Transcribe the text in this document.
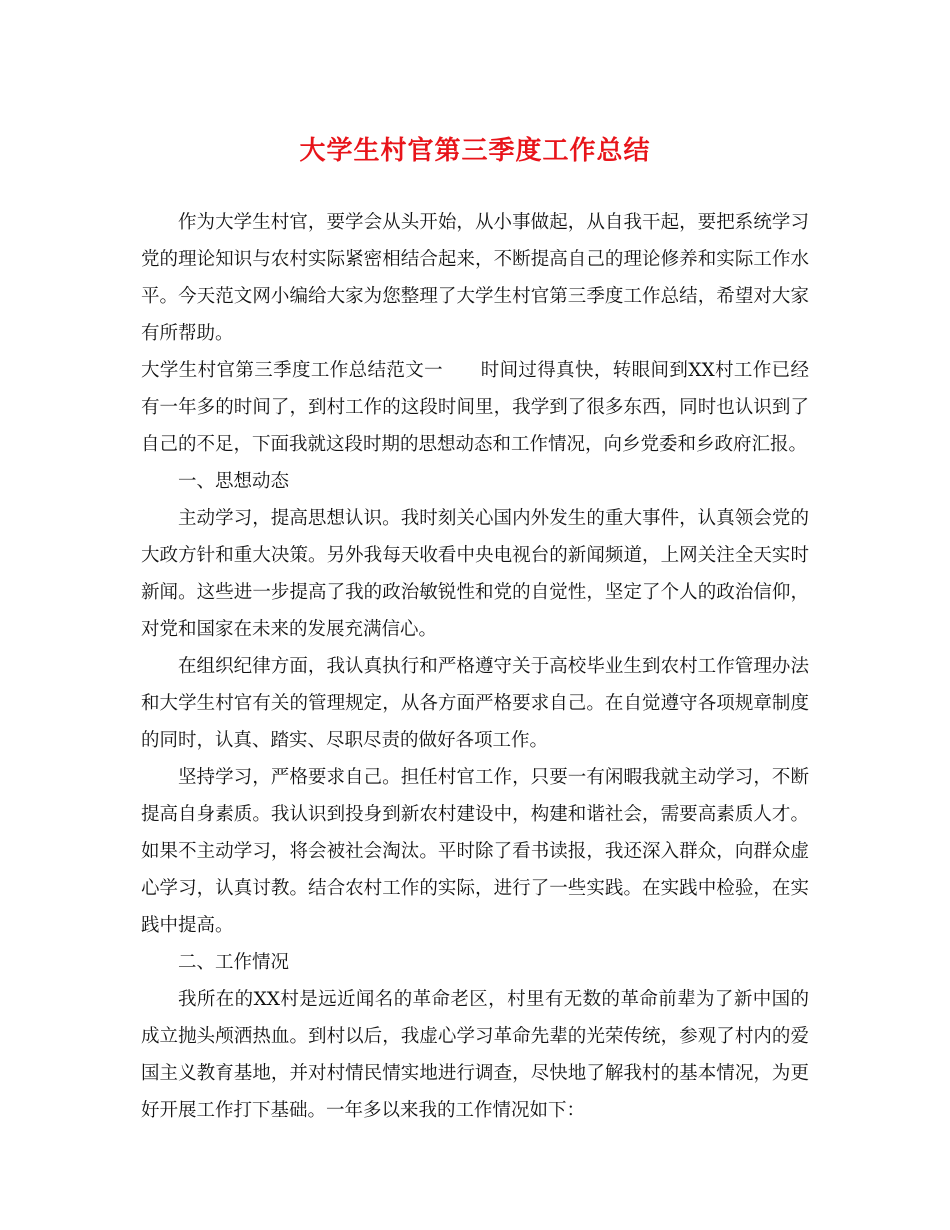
大学生村官第三季度工作总结

作为大学生村官，要学会从头开始，从小事做起，从自我干起，要把系统学习党的理论知识与农村实际紧密相结合起来，不断提高自己的理论修养和实际工作水平。今天范文网小编给大家为您整理了大学生村官第三季度工作总结，希望对大家有所帮助。

大学生村官第三季度工作总结范文一　　时间过得真快，转眼间到XX村工作已经有一年多的时间了，到村工作的这段时间里，我学到了很多东西，同时也认识到了自己的不足，下面我就这段时期的思想动态和工作情况，向乡党委和乡政府汇报。

一、思想动态

主动学习，提高思想认识。我时刻关心国内外发生的重大事件，认真领会党的大政方针和重大决策。另外我每天收看中央电视台的新闻频道，上网关注全天实时新闻。这些进一步提高了我的政治敏锐性和党的自觉性，坚定了个人的政治信仰，对党和国家在未来的发展充满信心。

在组织纪律方面，我认真执行和严格遵守关于高校毕业生到农村工作管理办法和大学生村官有关的管理规定，从各方面严格要求自己。在自觉遵守各项规章制度的同时，认真、踏实、尽职尽责的做好各项工作。

坚持学习，严格要求自己。担任村官工作，只要一有闲暇我就主动学习，不断提高自身素质。我认识到投身到新农村建设中，构建和谐社会，需要高素质人才。如果不主动学习，将会被社会淘汰。平时除了看书读报，我还深入群众，向群众虚心学习，认真讨教。结合农村工作的实际，进行了一些实践。在实践中检验，在实践中提高。

二、工作情况

我所在的XX村是远近闻名的革命老区，村里有无数的革命前辈为了新中国的成立抛头颅洒热血。到村以后，我虚心学习革命先辈的光荣传统，参观了村内的爱国主义教育基地，并对村情民情实地进行调查，尽快地了解我村的基本情况，为更好开展工作打下基础。一年多以来我的工作情况如下：
